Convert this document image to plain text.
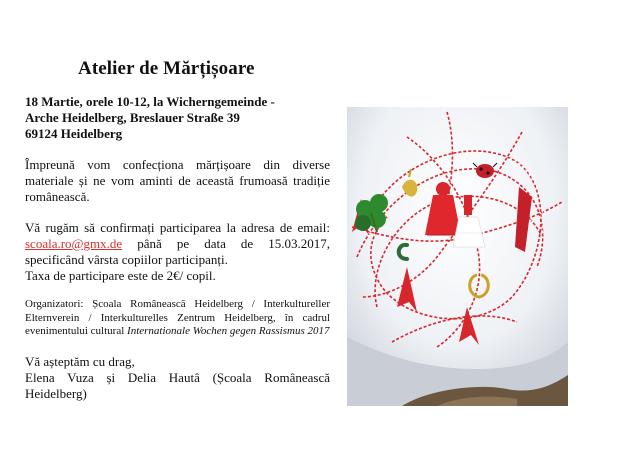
Atelier de Mărțișoare

18 Martie, orele 10-12, la Wicherngemeinde -
Arche Heidelberg, Breslauer Straße 39
69124 Heidelberg

Împreună vom confecționa mărțișoare din diverse materiale și ne vom aminti de această frumoasă tradiție românească.

Vă rugăm să confirmați participarea la adresa de email: scoala.ro@gmx.de până pe data de 15.03.2017, specificând vârsta copiilor participanți.
Taxa de participare este de 2€/ copil.

Organizatori: Școala Românească Heidelberg / Interkultureller Elternverein / Interkulturelles Zentrum Heidelberg, în cadrul evenimentului cultural Internationale Wochen gegen Rassismus 2017

Vă așteptăm cu drag,
Elena Vuza și Delia Hautâ (Școala Românească Heidelberg)
